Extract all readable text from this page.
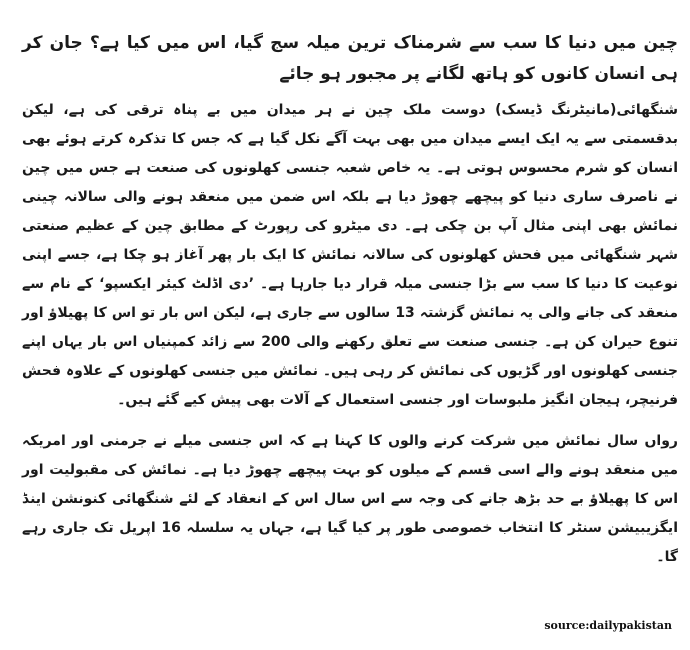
چین میں دنیا کا سب سے شرمناک ترین میلہ سج گیا، اس میں کیا ہے؟ جان کر ہی انسان کانوں کو ہاتھ لگانے پر مجبور ہو جائے

شنگھائی(مانیٹرنگ ڈیسک) دوست ملک چین نے ہر میدان میں بے پناہ ترقی کی ہے، لیکن بدقسمتی سے یہ ایک ایسے میدان میں بھی بہت آگے نکل گیا ہے کہ جس کا تذکرہ کرتے ہوئے بھی انسان کو شرم محسوس ہوتی ہے۔ یہ خاص شعبہ جنسی کھلونوں کی صنعت ہے جس میں چین نے ناصرف ساری دنیا کو پیچھے چھوڑ دیا ہے بلکہ اس ضمن میں منعقد ہونے والی سالانہ چینی نمائش بھی اپنی مثال آپ بن چکی ہے۔ دی میٹرو کی رپورٹ کے مطابق چین کے عظیم صنعتی شہر شنگھائی میں فحش کھلونوں کی سالانہ نمائش کا ایک بار پھر آغاز ہو چکا ہے، جسے اپنی نوعیت کا دنیا کا سب سے بڑا جنسی میلہ قرار دیا جارہا ہے۔ ’دی اڈلٹ کیئر ایکسپو‘ کے نام سے منعقد کی جانے والی یہ نمائش گزشتہ 13 سالوں سے جاری ہے، لیکن اس بار تو اس کا پھیلاؤ اور تنوع حیران کن ہے۔ جنسی صنعت سے تعلق رکھنے والی 200 سے زائد کمپنیاں اس بار یہاں اپنے جنسی کھلونوں اور گڑیوں کی نمائش کر رہی ہیں۔ نمائش میں جنسی کھلونوں کے علاوہ فحش فرنیچر، ہیجان انگیز ملبوسات اور جنسی استعمال کے آلات بھی پیش کیے گئے ہیں۔

رواں سال نمائش میں شرکت کرنے والوں کا کہنا ہے کہ اس جنسی میلے نے جرمنی اور امریکہ میں منعقد ہونے والے اسی قسم کے میلوں کو بہت پیچھے چھوڑ دیا ہے۔ نمائش کی مقبولیت اور اس کا پھیلاؤ بے حد بڑھ جانے کی وجہ سے اس سال اس کے انعقاد کے لئے شنگھائی کنونشن اینڈ ایگزیبیشن سنٹر کا انتخاب خصوصی طور پر کیا گیا ہے، جہاں یہ سلسلہ 16 اپریل تک جاری رہے گا۔

source:dailypakistan
